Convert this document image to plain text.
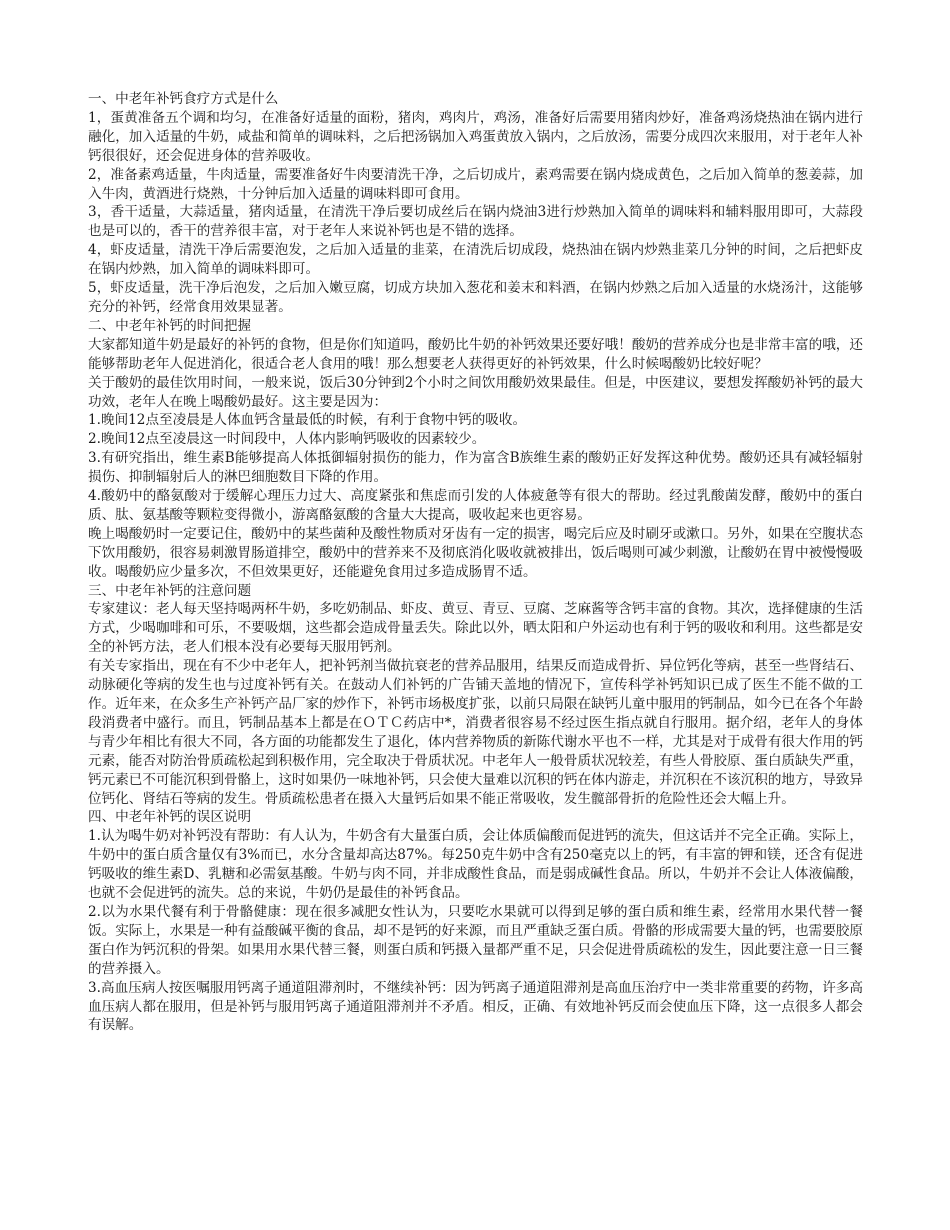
一、中老年补钙食疗方式是什么

1，蛋黄准备五个调和均匀，在准备好适量的面粉，猪肉，鸡肉片，鸡汤，准备好后需要用猪肉炒好，准备鸡汤烧热油在锅内进行融化，加入适量的牛奶，咸盐和简单的调味料，之后把汤锅加入鸡蛋黄放入锅内，之后放汤，需要分成四次来服用，对于老年人补钙很很好，还会促进身体的营养吸收。

2，准备素鸡适量，牛肉适量，需要准备好牛肉要清洗干净，之后切成片，素鸡需要在锅内烧成黄色，之后加入简单的葱姜蒜，加入牛肉，黄酒进行烧熟，十分钟后加入适量的调味料即可食用。

3，香干适量，大蒜适量，猪肉适量，在清洗干净后要切成丝后在锅内烧油3进行炒熟加入简单的调味料和辅料服用即可，大蒜段也是可以的，香干的营养很丰富，对于老年人来说补钙也是不错的选择。

4，虾皮适量，清洗干净后需要泡发，之后加入适量的韭菜，在清洗后切成段，烧热油在锅内炒熟韭菜几分钟的时间，之后把虾皮在锅内炒熟，加入简单的调味料即可。

5，虾皮适量，洗干净后泡发，之后加入嫩豆腐，切成方块加入葱花和姜末和料酒，在锅内炒熟之后加入适量的水烧汤汁，这能够充分的补钙，经常食用效果显著。

二、中老年补钙的时间把握

大家都知道牛奶是最好的补钙的食物，但是你们知道吗，酸奶比牛奶的补钙效果还要好哦！酸奶的营养成分也是非常丰富的哦，还能够帮助老年人促进消化，很适合老人食用的哦！那么想要老人获得更好的补钙效果，什么时候喝酸奶比较好呢？

关于酸奶的最佳饮用时间，一般来说，饭后30分钟到2个小时之间饮用酸奶效果最佳。但是，中医建议，要想发挥酸奶补钙的最大功效，老年人在晚上喝酸奶最好。这主要是因为：

1.晚间12点至凌晨是人体血钙含量最低的时候，有利于食物中钙的吸收。

2.晚间12点至凌晨这一时间段中，人体内影响钙吸收的因素较少。

3.有研究指出，维生素B能够提高人体抵御辐射损伤的能力，作为富含B族维生素的酸奶正好发挥这种优势。酸奶还具有减轻辐射损伤、抑制辐射后人的淋巴细胞数目下降的作用。

4.酸奶中的酪氨酸对于缓解心理压力过大、高度紧张和焦虑而引发的人体疲惫等有很大的帮助。经过乳酸菌发酵，酸奶中的蛋白质、肽、氨基酸等颗粒变得微小，游离酪氨酸的含量大大提高，吸收起来也更容易。

晚上喝酸奶时一定要记住，酸奶中的某些菌种及酸性物质对牙齿有一定的损害，喝完后应及时刷牙或漱口。另外，如果在空腹状态下饮用酸奶，很容易刺激胃肠道排空，酸奶中的营养来不及彻底消化吸收就被排出，饭后喝则可减少刺激，让酸奶在胃中被慢慢吸收。喝酸奶应少量多次，不但效果更好，还能避免食用过多造成肠胃不适。

三、中老年补钙的注意问题

专家建议：老人每天坚持喝两杯牛奶，多吃奶制品、虾皮、黄豆、青豆、豆腐、芝麻酱等含钙丰富的食物。其次，选择健康的生活方式，少喝咖啡和可乐，不要吸烟，这些都会造成骨量丢失。除此以外，晒太阳和户外运动也有利于钙的吸收和利用。这些都是安全的补钙方法，老人们根本没有必要每天服用钙剂。

有关专家指出，现在有不少中老年人，把补钙剂当做抗衰老的营养品服用，结果反而造成骨折、异位钙化等病，甚至一些肾结石、动脉硬化等病的发生也与过度补钙有关。在鼓动人们补钙的广告铺天盖地的情况下，宣传科学补钙知识已成了医生不能不做的工作。近年来，在众多生产补钙产品厂家的炒作下，补钙市场极度扩张，以前只局限在缺钙儿童中服用的钙制品，如今已在各个年龄段消费者中盛行。而且，钙制品基本上都是在ＯＴＣ药店中*，消费者很容易不经过医生指点就自行服用。据介绍，老年人的身体与青少年相比有很大不同，各方面的功能都发生了退化，体内营养物质的新陈代谢水平也不一样，尤其是对于成骨有很大作用的钙元素，能否对防治骨质疏松起到积极作用，完全取决于骨质状况。中老年人一般骨质状况较差，有些人骨胶原、蛋白质缺失严重，钙元素已不可能沉积到骨骼上，这时如果仍一味地补钙，只会使大量难以沉积的钙在体内游走，并沉积在不该沉积的地方，导致异位钙化、肾结石等病的发生。骨质疏松患者在摄入大量钙后如果不能正常吸收，发生髋部骨折的危险性还会大幅上升。

四、中老年补钙的误区说明

1.认为喝牛奶对补钙没有帮助：有人认为，牛奶含有大量蛋白质，会让体质偏酸而促进钙的流失，但这话并不完全正确。实际上，牛奶中的蛋白质含量仅有3%而已，水分含量却高达87%。每250克牛奶中含有250毫克以上的钙，有丰富的钾和镁，还含有促进钙吸收的维生素D、乳糖和必需氨基酸。牛奶与肉不同，并非成酸性食品，而是弱成碱性食品。所以，牛奶并不会让人体液偏酸，也就不会促进钙的流失。总的来说，牛奶仍是最佳的补钙食品。

2.以为水果代餐有利于骨骼健康：现在很多减肥女性认为，只要吃水果就可以得到足够的蛋白质和维生素，经常用水果代替一餐饭。实际上，水果是一种有益酸碱平衡的食品，却不是钙的好来源，而且严重缺乏蛋白质。骨骼的形成需要大量的钙，也需要胶原蛋白作为钙沉积的骨架。如果用水果代替三餐，则蛋白质和钙摄入量都严重不足，只会促进骨质疏松的发生，因此要注意一日三餐的营养摄入。

3.高血压病人按医嘱服用钙离子通道阻滞剂时，不继续补钙：因为钙离子通道阻滞剂是高血压治疗中一类非常重要的药物，许多高血压病人都在服用，但是补钙与服用钙离子通道阻滞剂并不矛盾。相反，正确、有效地补钙反而会使血压下降，这一点很多人都会有误解。
